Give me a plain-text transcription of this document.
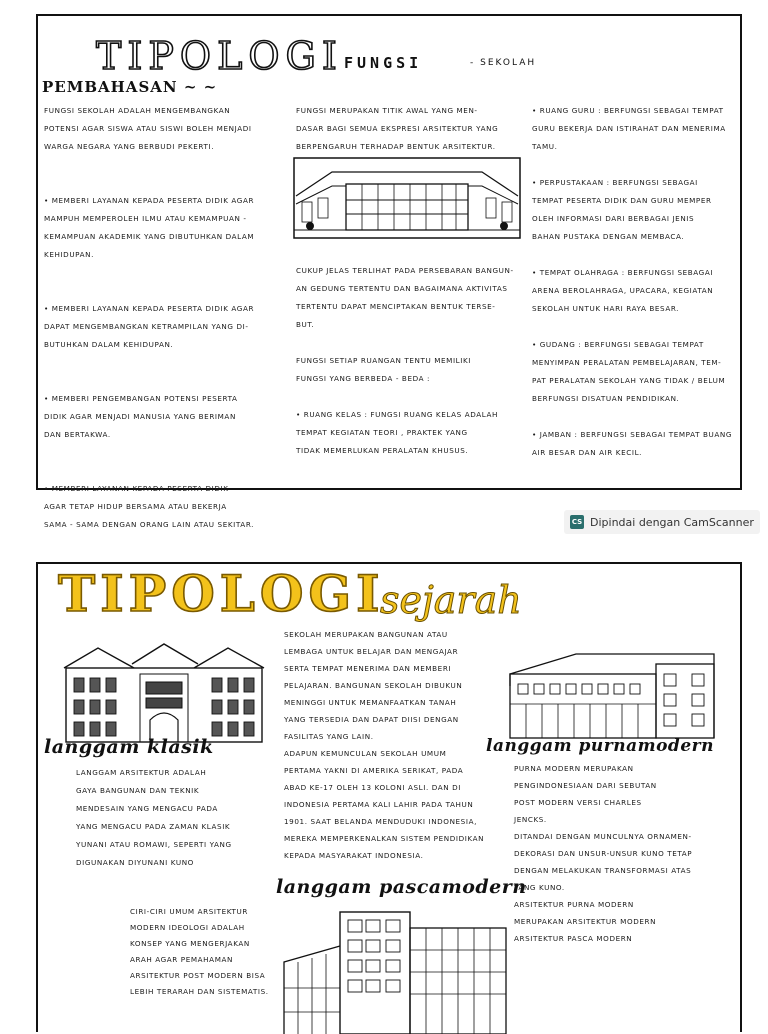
TIPOLOGI FUNGSI	- SEKOLAH
PEMBAHASAN ~ ~
FUNGSI SEKOLAH ADALAH MENGEMBANGKAN
POTENSI AGAR SISWA ATAU SISWI BOLEH MENJADI
WARGA NEGARA YANG BERBUDI PEKERTI.

• MEMBERI LAYANAN KEPADA PESERTA DIDIK AGAR
MAMPUH MEMPEROLEH ILMU ATAU KEMAMPUAN -
KEMAMPUAN AKADEMIK YANG DIBUTUHKAN DALAM
KEHIDUPAN.

• MEMBERI LAYANAN KEPADA PESERTA DIDIK AGAR
DAPAT MENGEMBANGKAN KETRAMPILAN YANG DI-
BUTUHKAN DALAM KEHIDUPAN.

• MEMBERI PENGEMBANGAN POTENSI PESERTA
DIDIK AGAR MENJADI MANUSIA YANG BERIMAN
DAN BERTAKWA.

• MEMBERI LAYANAN KEPADA PESERTA DIDIK
AGAR TETAP HIDUP BERSAMA ATAU BEKERJA
SAMA - SAMA DENGAN ORANG LAIN ATAU SEKITAR.
FUNGSI MERUPAKAN TITIK AWAL YANG MEN-
DASAR BAGI SEMUA EKSPRESI ARSITEKTUR YANG
BERPENGARUH TERHADAP BENTUK ARSITEKTUR.
CUKUP JELAS TERLIHAT PADA PERSEBARAN BANGUN-
AN GEDUNG TERTENTU DAN BAGAIMANA AKTIVITAS
TERTENTU DAPAT MENCIPTAKAN BENTUK TERSE-
BUT.

FUNGSI SETIAP RUANGAN TENTU MEMILIKI
FUNGSI YANG BERBEDA - BEDA :

• RUANG KELAS : FUNGSI RUANG KELAS ADALAH
TEMPAT KEGIATAN TEORI , PRAKTEK YANG
TIDAK MEMERLUKAN PERALATAN KHUSUS.
• RUANG GURU : BERFUNGSI SEBAGAI TEMPAT
GURU BEKERJA DAN ISTIRAHAT DAN MENERIMA
TAMU.

• PERPUSTAKAAN : BERFUNGSI SEBAGAI
TEMPAT PESERTA DIDIK DAN GURU MEMPER
OLEH INFORMASI DARI BERBAGAI JENIS
BAHAN PUSTAKA DENGAN MEMBACA.

• TEMPAT OLAHRAGA : BERFUNGSI SEBAGAI
ARENA BEROLAHRAGA, UPACARA, KEGIATAN
SEKOLAH UNTUK HARI RAYA BESAR.

• GUDANG : BERFUNGSI SEBAGAI TEMPAT
MENYIMPAN PERALATAN PEMBELAJARAN, TEM-
PAT PERALATAN SEKOLAH YANG TIDAK / BELUM
BERFUNGSI DISATUAN PENDIDIKAN.

• JAMBAN : BERFUNGSI SEBAGAI TEMPAT BUANG
AIR BESAR DAN AIR KECIL.
CS Dipindai dengan CamScanner
TIPOLOGI
sejarah
langgam klasik
LANGGAM ARSITEKTUR ADALAH
GAYA BANGUNAN DAN TEKNIK
MENDESAIN YANG MENGACU PADA
YANG MENGACU PADA ZAMAN KLASIK
YUNANI ATAU ROMAWI, SEPERTI YANG
DIGUNAKAN DIYUNANI KUNO
SEKOLAH MERUPAKAN BANGUNAN ATAU
LEMBAGA UNTUK BELAJAR DAN MENGAJAR
SERTA TEMPAT MENERIMA DAN MEMBERI
PELAJARAN. BANGUNAN SEKOLAH DIBUKUN
MENINGGI UNTUK MEMANFAATKAN TANAH
YANG TERSEDIA DAN DAPAT DIISI DENGAN
FASILITAS YANG LAIN.
ADAPUN KEMUNCULAN SEKOLAH UMUM
PERTAMA YAKNI DI AMERIKA SERIKAT, PADA
ABAD KE-17 OLEH 13 KOLONI ASLI. DAN DI
INDONESIA PERTAMA KALI LAHIR PADA TAHUN
1901. SAAT BELANDA MENDUDUKI INDONESIA,
MEREKA MEMPERKENALKAN SISTEM PENDIDIKAN
KEPADA MASYARAKAT INDONESIA.
langgam purnamodern
PURNA MODERN MERUPAKAN
PENGINDONESIAAN DARI SEBUTAN
POST MODERN VERSI CHARLES
JENCKS.
DITANDAI DENGAN MUNCULNYA ORNAMEN-
DEKORASI DAN UNSUR-UNSUR KUNO TETAP
DENGAN MELAKUKAN TRANSFORMASI ATAS
YANG KUNO.
ARSITEKTUR PURNA MODERN
MERUPAKAN ARSITEKTUR MODERN
ARSITEKTUR PASCA MODERN
langgam pascamodern
CIRI-CIRI UMUM ARSITEKTUR
MODERN IDEOLOGI ADALAH
KONSEP YANG MENGERJAKAN
ARAH AGAR PEMAHAMAN
ARSITEKTUR POST MODERN BISA
LEBIH TERARAH DAN SISTEMATIS.
